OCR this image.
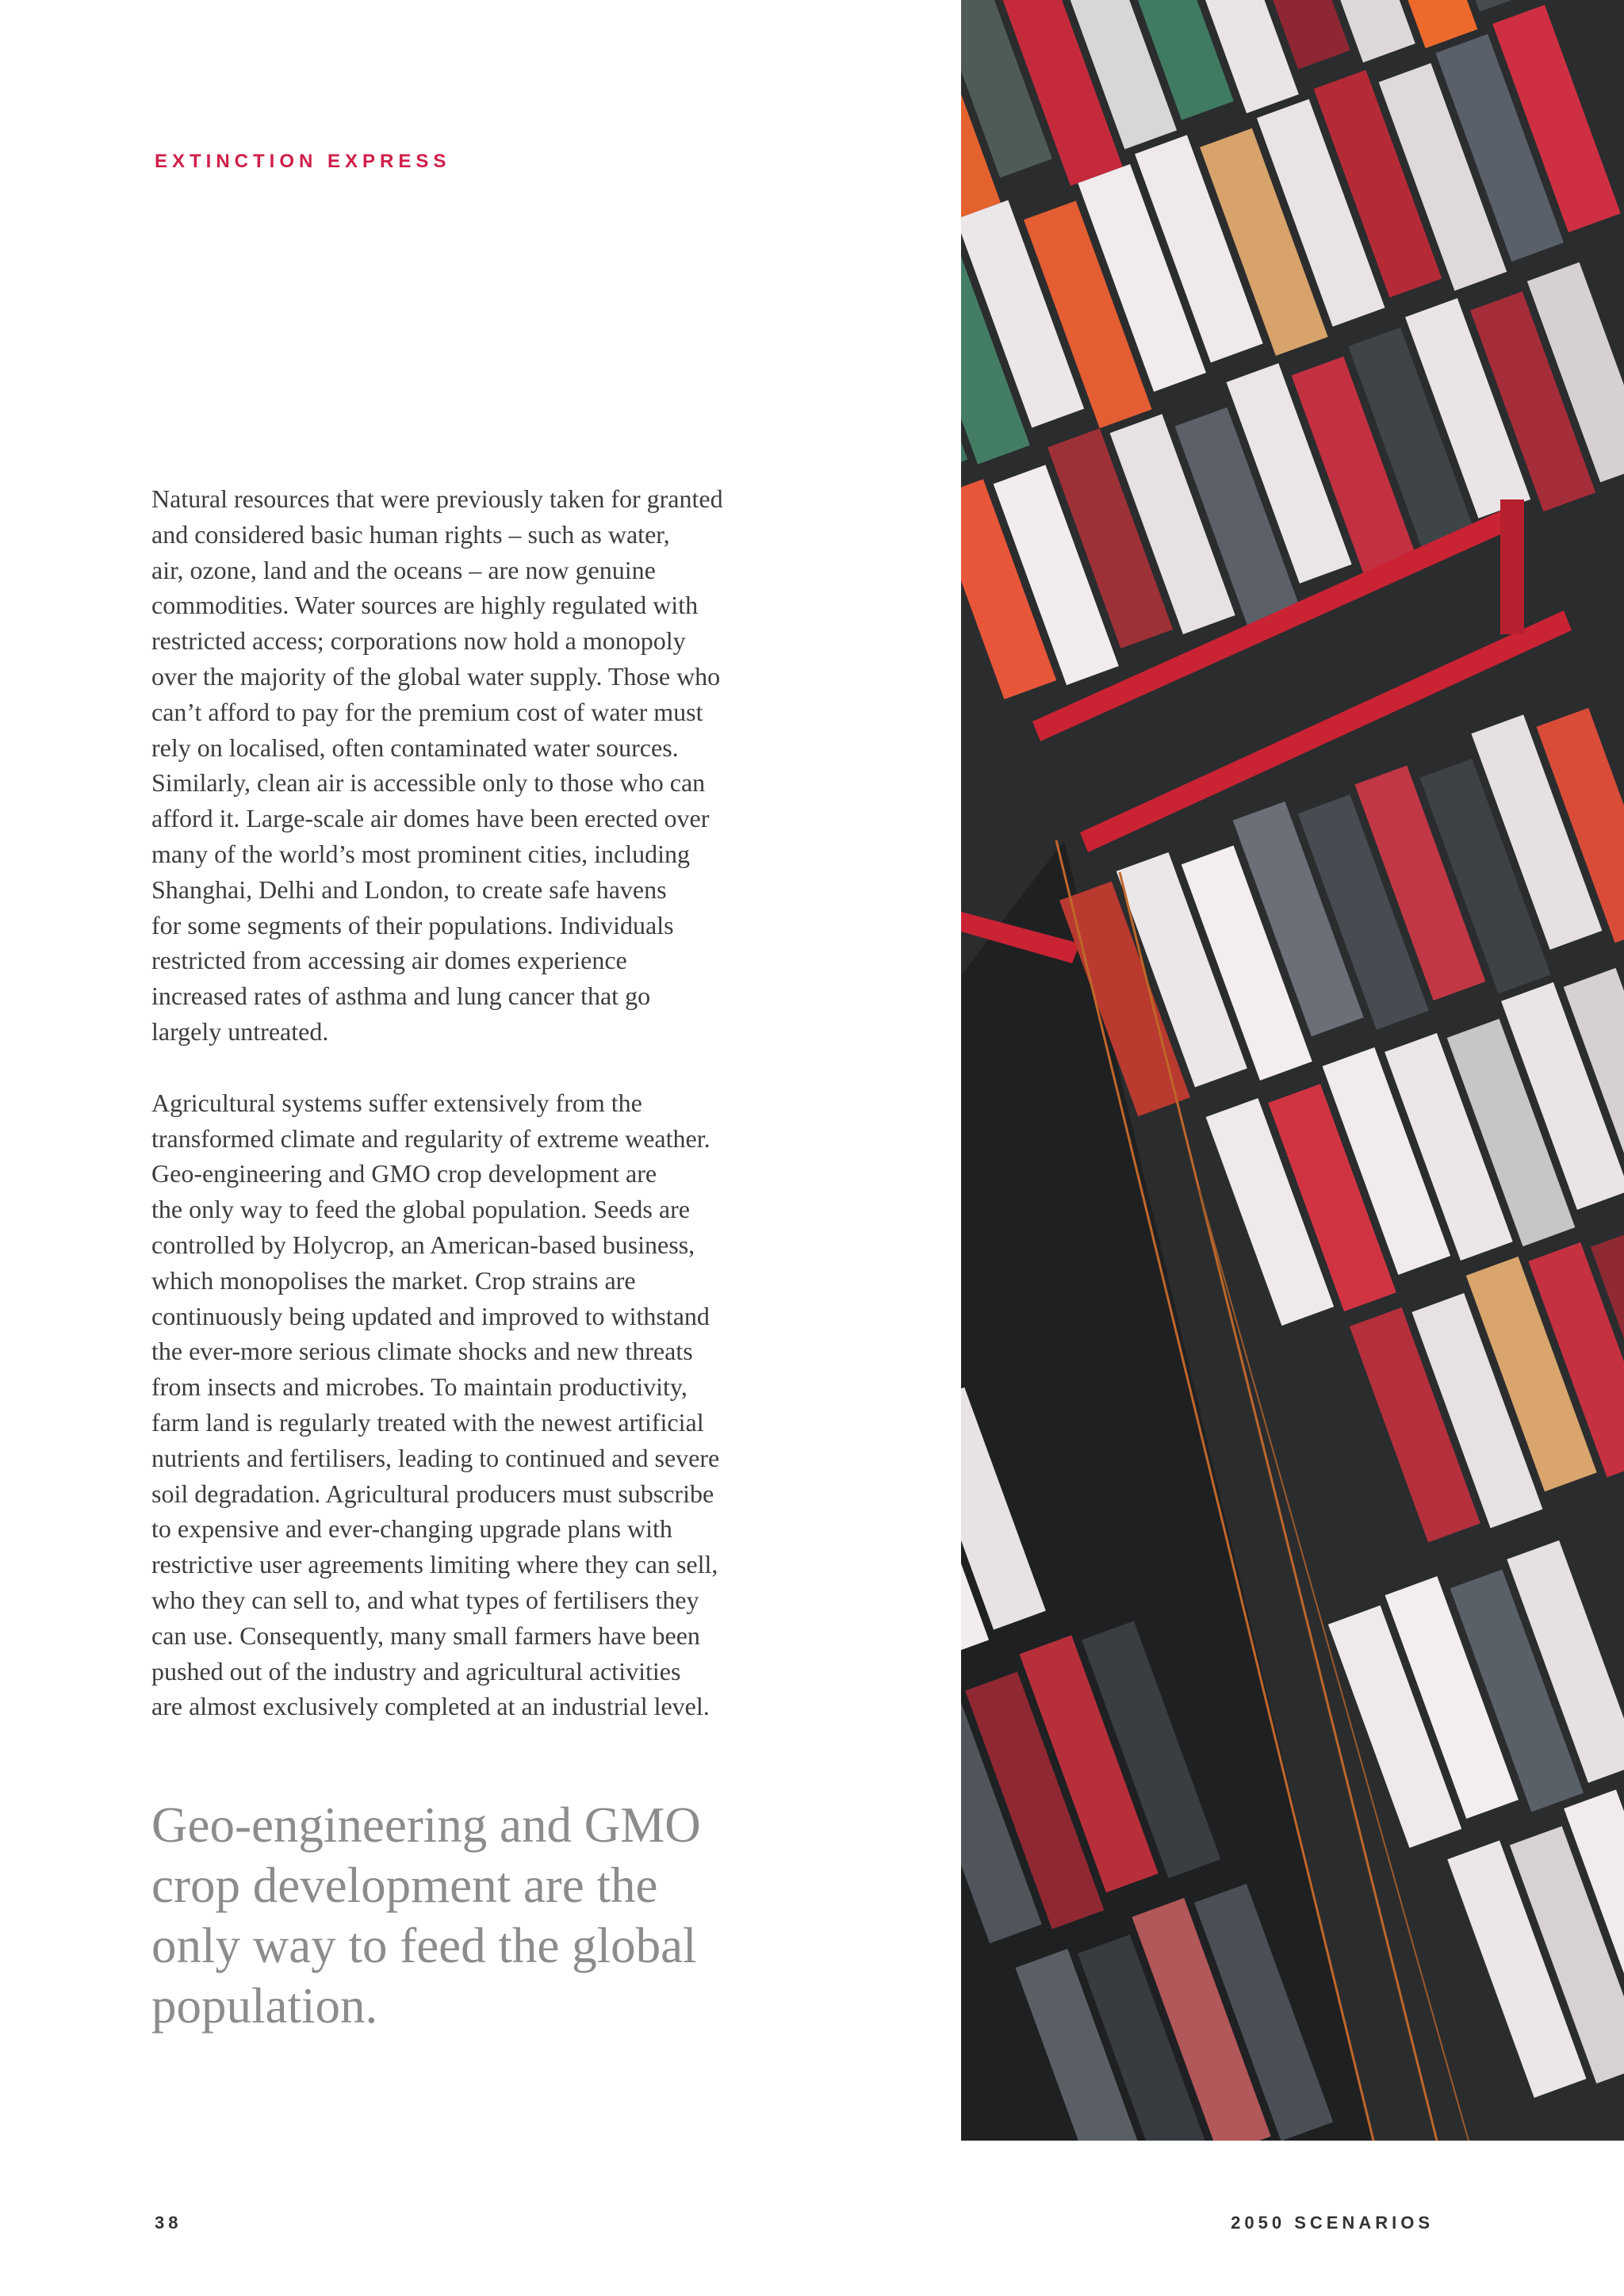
EXTINCTION EXPRESS

Natural resources that were previously taken for granted
and considered basic human rights – such as water,
air, ozone, land and the oceans – are now genuine
commodities. Water sources are highly regulated with
restricted access; corporations now hold a monopoly
over the majority of the global water supply. Those who
can’t afford to pay for the premium cost of water must
rely on localised, often contaminated water sources.
Similarly, clean air is accessible only to those who can
afford it. Large-scale air domes have been erected over
many of the world’s most prominent cities, including
Shanghai, Delhi and London, to create safe havens
for some segments of their populations. Individuals
restricted from accessing air domes experience
increased rates of asthma and lung cancer that go
largely untreated.

Agricultural systems suffer extensively from the
transformed climate and regularity of extreme weather.
Geo-engineering and GMO crop development are
the only way to feed the global population. Seeds are
controlled by Holycrop, an American-based business,
which monopolises the market. Crop strains are
continuously being updated and improved to withstand
the ever-more serious climate shocks and new threats
from insects and microbes. To maintain productivity,
farm land is regularly treated with the newest artificial
nutrients and fertilisers, leading to continued and severe
soil degradation. Agricultural producers must subscribe
to expensive and ever-changing upgrade plans with
restrictive user agreements limiting where they can sell,
who they can sell to, and what types of fertilisers they
can use. Consequently, many small farmers have been
pushed out of the industry and agricultural activities
are almost exclusively completed at an industrial level.

Geo-engineering and GMO
crop development are the
only way to feed the global
population.

38	2050 SCENARIOS
